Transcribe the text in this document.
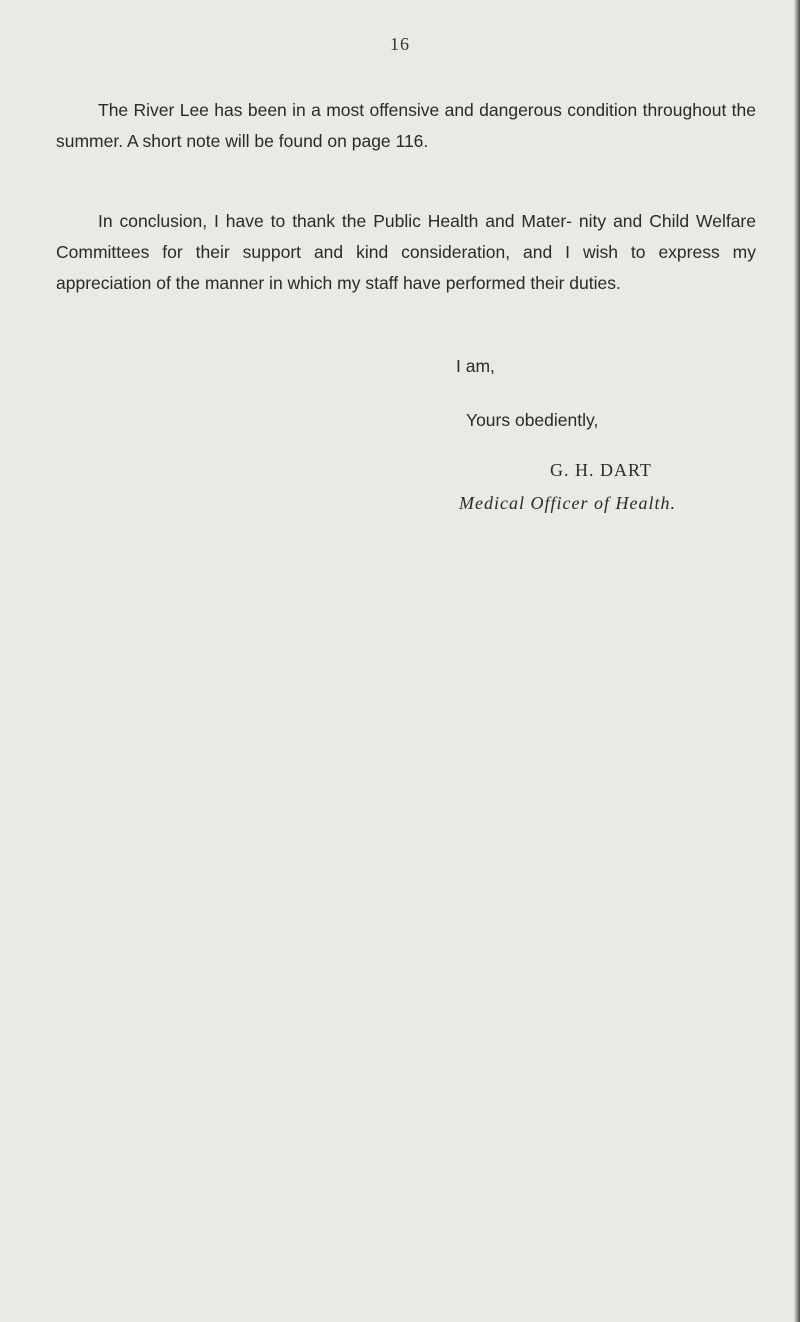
16

The River Lee has been in a most offensive and dangerous condition throughout the summer. A short note will be found on page 116.

In conclusion, I have to thank the Public Health and Mater- nity and Child Welfare Committees for their support and kind consideration, and I wish to express my appreciation of the manner in which my staff have performed their duties.

I am,
Yours obediently,
G. H. DART
Medical Officer of Health.
